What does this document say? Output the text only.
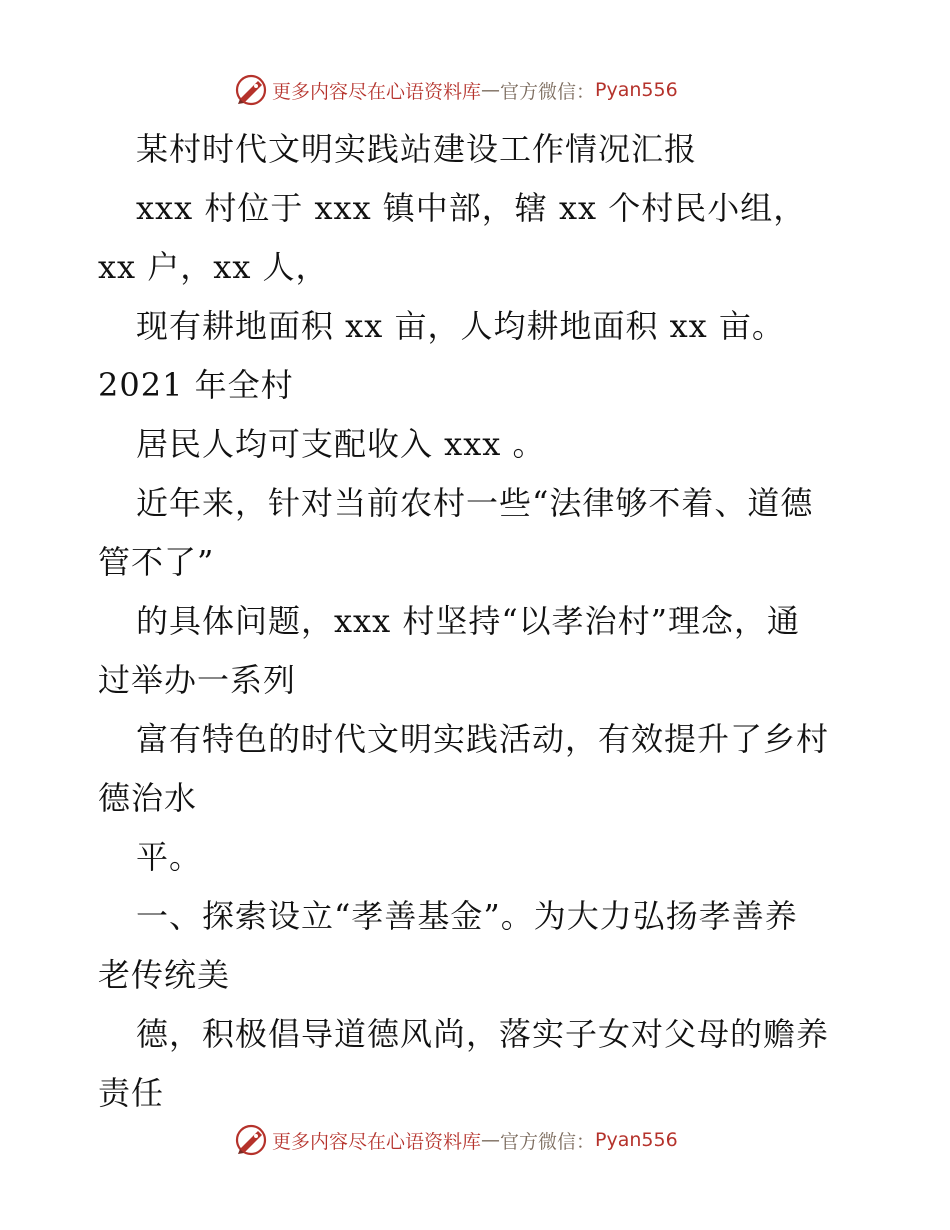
更多内容尽在心语资料库 — 官方微信： Pyan556
某村时代文明实践站建设工作情况汇报
xxx 村位于 xxx 镇中部，辖 xx 个村民小组，
xx 户，xx 人，
现有耕地面积 xx 亩，人均耕地面积 xx 亩。
2021 年全村
居民人均可支配收入 xxx 。
近年来，针对当前农村一些“法律够不着、道德
管不了”
的具体问题，xxx 村坚持“以孝治村”理念，通
过举办一系列
富有特色的时代文明实践活动，有效提升了乡村
德治水
平。
一、探索设立“孝善基金”。为大力弘扬孝善养
老传统美
德，积极倡导道德风尚，落实子女对父母的赡养
责任
更多内容尽在心语资料库 — 官方微信： Pyan556
